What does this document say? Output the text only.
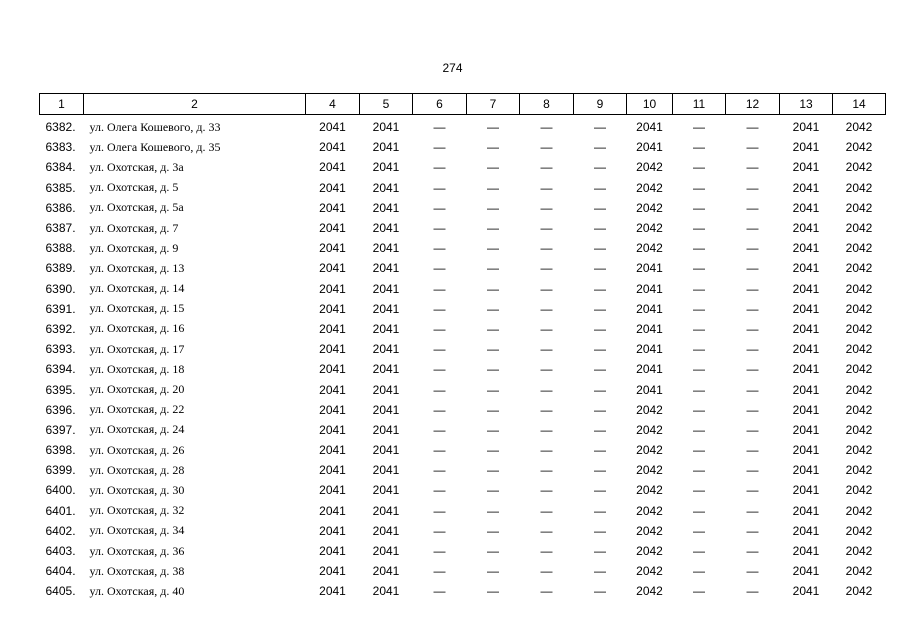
274
1	2	4	5	6	7	8	9	10	11	12	13	14
6382.	ул. Олега Кошевого, д. 33	2041	2041	—	—	—	—	2041	—	—	2041	2042
6383.	ул. Олега Кошевого, д. 35	2041	2041	—	—	—	—	2041	—	—	2041	2042
6384.	ул. Охотская, д. 3а	2041	2041	—	—	—	—	2042	—	—	2041	2042
6385.	ул. Охотская, д. 5	2041	2041	—	—	—	—	2042	—	—	2041	2042
6386.	ул. Охотская, д. 5а	2041	2041	—	—	—	—	2042	—	—	2041	2042
6387.	ул. Охотская, д. 7	2041	2041	—	—	—	—	2042	—	—	2041	2042
6388.	ул. Охотская, д. 9	2041	2041	—	—	—	—	2042	—	—	2041	2042
6389.	ул. Охотская, д. 13	2041	2041	—	—	—	—	2041	—	—	2041	2042
6390.	ул. Охотская, д. 14	2041	2041	—	—	—	—	2041	—	—	2041	2042
6391.	ул. Охотская, д. 15	2041	2041	—	—	—	—	2041	—	—	2041	2042
6392.	ул. Охотская, д. 16	2041	2041	—	—	—	—	2041	—	—	2041	2042
6393.	ул. Охотская, д. 17	2041	2041	—	—	—	—	2041	—	—	2041	2042
6394.	ул. Охотская, д. 18	2041	2041	—	—	—	—	2041	—	—	2041	2042
6395.	ул. Охотская, д. 20	2041	2041	—	—	—	—	2041	—	—	2041	2042
6396.	ул. Охотская, д. 22	2041	2041	—	—	—	—	2042	—	—	2041	2042
6397.	ул. Охотская, д. 24	2041	2041	—	—	—	—	2042	—	—	2041	2042
6398.	ул. Охотская, д. 26	2041	2041	—	—	—	—	2042	—	—	2041	2042
6399.	ул. Охотская, д. 28	2041	2041	—	—	—	—	2042	—	—	2041	2042
6400.	ул. Охотская, д. 30	2041	2041	—	—	—	—	2042	—	—	2041	2042
6401.	ул. Охотская, д. 32	2041	2041	—	—	—	—	2042	—	—	2041	2042
6402.	ул. Охотская, д. 34	2041	2041	—	—	—	—	2042	—	—	2041	2042
6403.	ул. Охотская, д. 36	2041	2041	—	—	—	—	2042	—	—	2041	2042
6404.	ул. Охотская, д. 38	2041	2041	—	—	—	—	2042	—	—	2041	2042
6405.	ул. Охотская, д. 40	2041	2041	—	—	—	—	2042	—	—	2041	2042
